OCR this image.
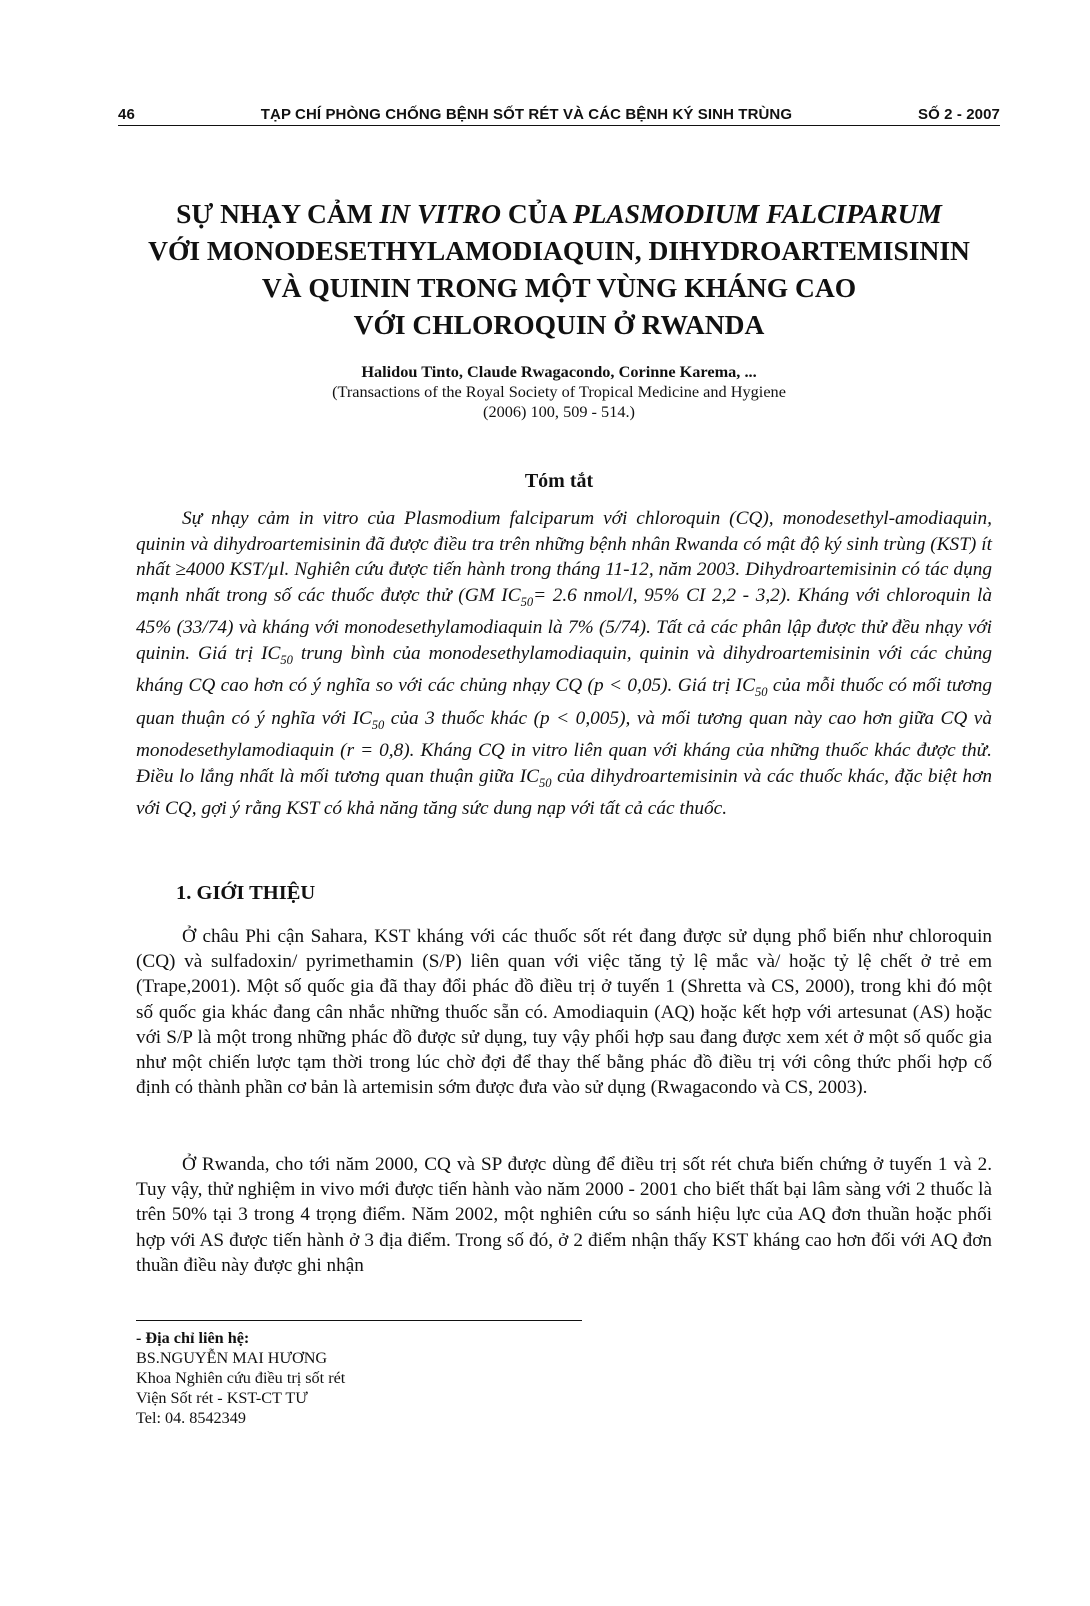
46	TẠP CHÍ PHÒNG CHỐNG BỆNH SỐT RÉT VÀ CÁC BỆNH KÝ SINH TRÙNG	SỐ 2 - 2007
SỰ NHẠY CẢM IN VITRO CỦA PLASMODIUM FALCIPARUM
VỚI MONODESETHYLAMODIAQUIN, DIHYDROARTEMISININ
VÀ QUININ TRONG MỘT VÙNG KHÁNG CAO
VỚI CHLOROQUIN Ở RWANDA
Halidou Tinto, Claude Rwagacondo, Corinne Karema, ...
(Transactions of the Royal Society of Tropical Medicine and Hygiene
(2006) 100, 509 - 514.)
Tóm tắt
Sự nhạy cảm in vitro của Plasmodium falciparum với chloroquin (CQ), monodesethyl-amodiaquin, quinin và dihydroartemisinin đã được điều tra trên những bệnh nhân Rwanda có mật độ ký sinh trùng (KST) ít nhất ≥4000 KST/µl. Nghiên cứu được tiến hành trong tháng 11-12, năm 2003. Dihydroartemisinin có tác dụng mạnh nhất trong số các thuốc được thử (GM $IC_{50}= 2.6$ nmol/l, 95% CI 2,2 - 3,2). Kháng với chloroquin là 45% (33/74) và kháng với monodesethylamodiaquin là 7% (5/74). Tất cả các phân lập được thử đều nhạy với quinin. Giá trị $IC_{50}$ trung bình của monodesethylamodiaquin, quinin và dihydroartemisinin với các chủng kháng CQ cao hơn có ý nghĩa so với các chủng nhạy CQ (p < 0,05). Giá trị $IC_{50}$ của mỗi thuốc có mối tương quan thuận có ý nghĩa với $IC_{50}$ của 3 thuốc khác (p < 0,005), và mối tương quan này cao hơn giữa CQ và monodesethylamodiaquin (r = 0,8). Kháng CQ in vitro liên quan với kháng của những thuốc khác được thử. Điều lo lắng nhất là mối tương quan thuận giữa $IC_{50}$ của dihydroartemisinin và các thuốc khác, đặc biệt hơn với CQ, gợi ý rằng KST có khả năng tăng sức dung nạp với tất cả các thuốc.
1. GIỚI THIỆU
Ở châu Phi cận Sahara, KST kháng với các thuốc sốt rét đang được sử dụng phổ biến như chloroquin (CQ) và sulfadoxin/ pyrimethamin (S/P) liên quan với việc tăng tỷ lệ mắc và/ hoặc tỷ lệ chết ở trẻ em (Trape,2001). Một số quốc gia đã thay đổi phác đồ điều trị ở tuyến 1 (Shretta và CS, 2000), trong khi đó một số quốc gia khác đang cân nhắc những thuốc sẵn có. Amodiaquin (AQ) hoặc kết hợp với artesunat (AS) hoặc với S/P là một trong những phác đồ được sử dụng, tuy vậy phối hợp sau đang được xem xét ở một số quốc gia như một chiến lược tạm thời trong lúc chờ đợi để thay thế bằng phác đồ điều trị với công thức phối hợp cố định có thành phần cơ bản là artemisin sớm được đưa vào sử dụng (Rwagacondo và CS, 2003).
Ở Rwanda, cho tới năm 2000, CQ và SP được dùng để điều trị sốt rét chưa biến chứng ở tuyến 1 và 2. Tuy vậy, thử nghiệm in vivo mới được tiến hành vào năm 2000 - 2001 cho biết thất bại lâm sàng với 2 thuốc là trên 50% tại 3 trong 4 trọng điểm. Năm 2002, một nghiên cứu so sánh hiệu lực của AQ đơn thuần hoặc phối hợp với AS được tiến hành ở 3 địa điểm. Trong số đó, ở 2 điểm nhận thấy KST kháng cao hơn đối với AQ đơn thuần điều này được ghi nhận
- Địa chỉ liên hệ:
BS.NGUYỄN MAI HƯƠNG
Khoa Nghiên cứu điều trị sốt rét
Viện Sốt rét - KST-CT TƯ
Tel: 04. 8542349
